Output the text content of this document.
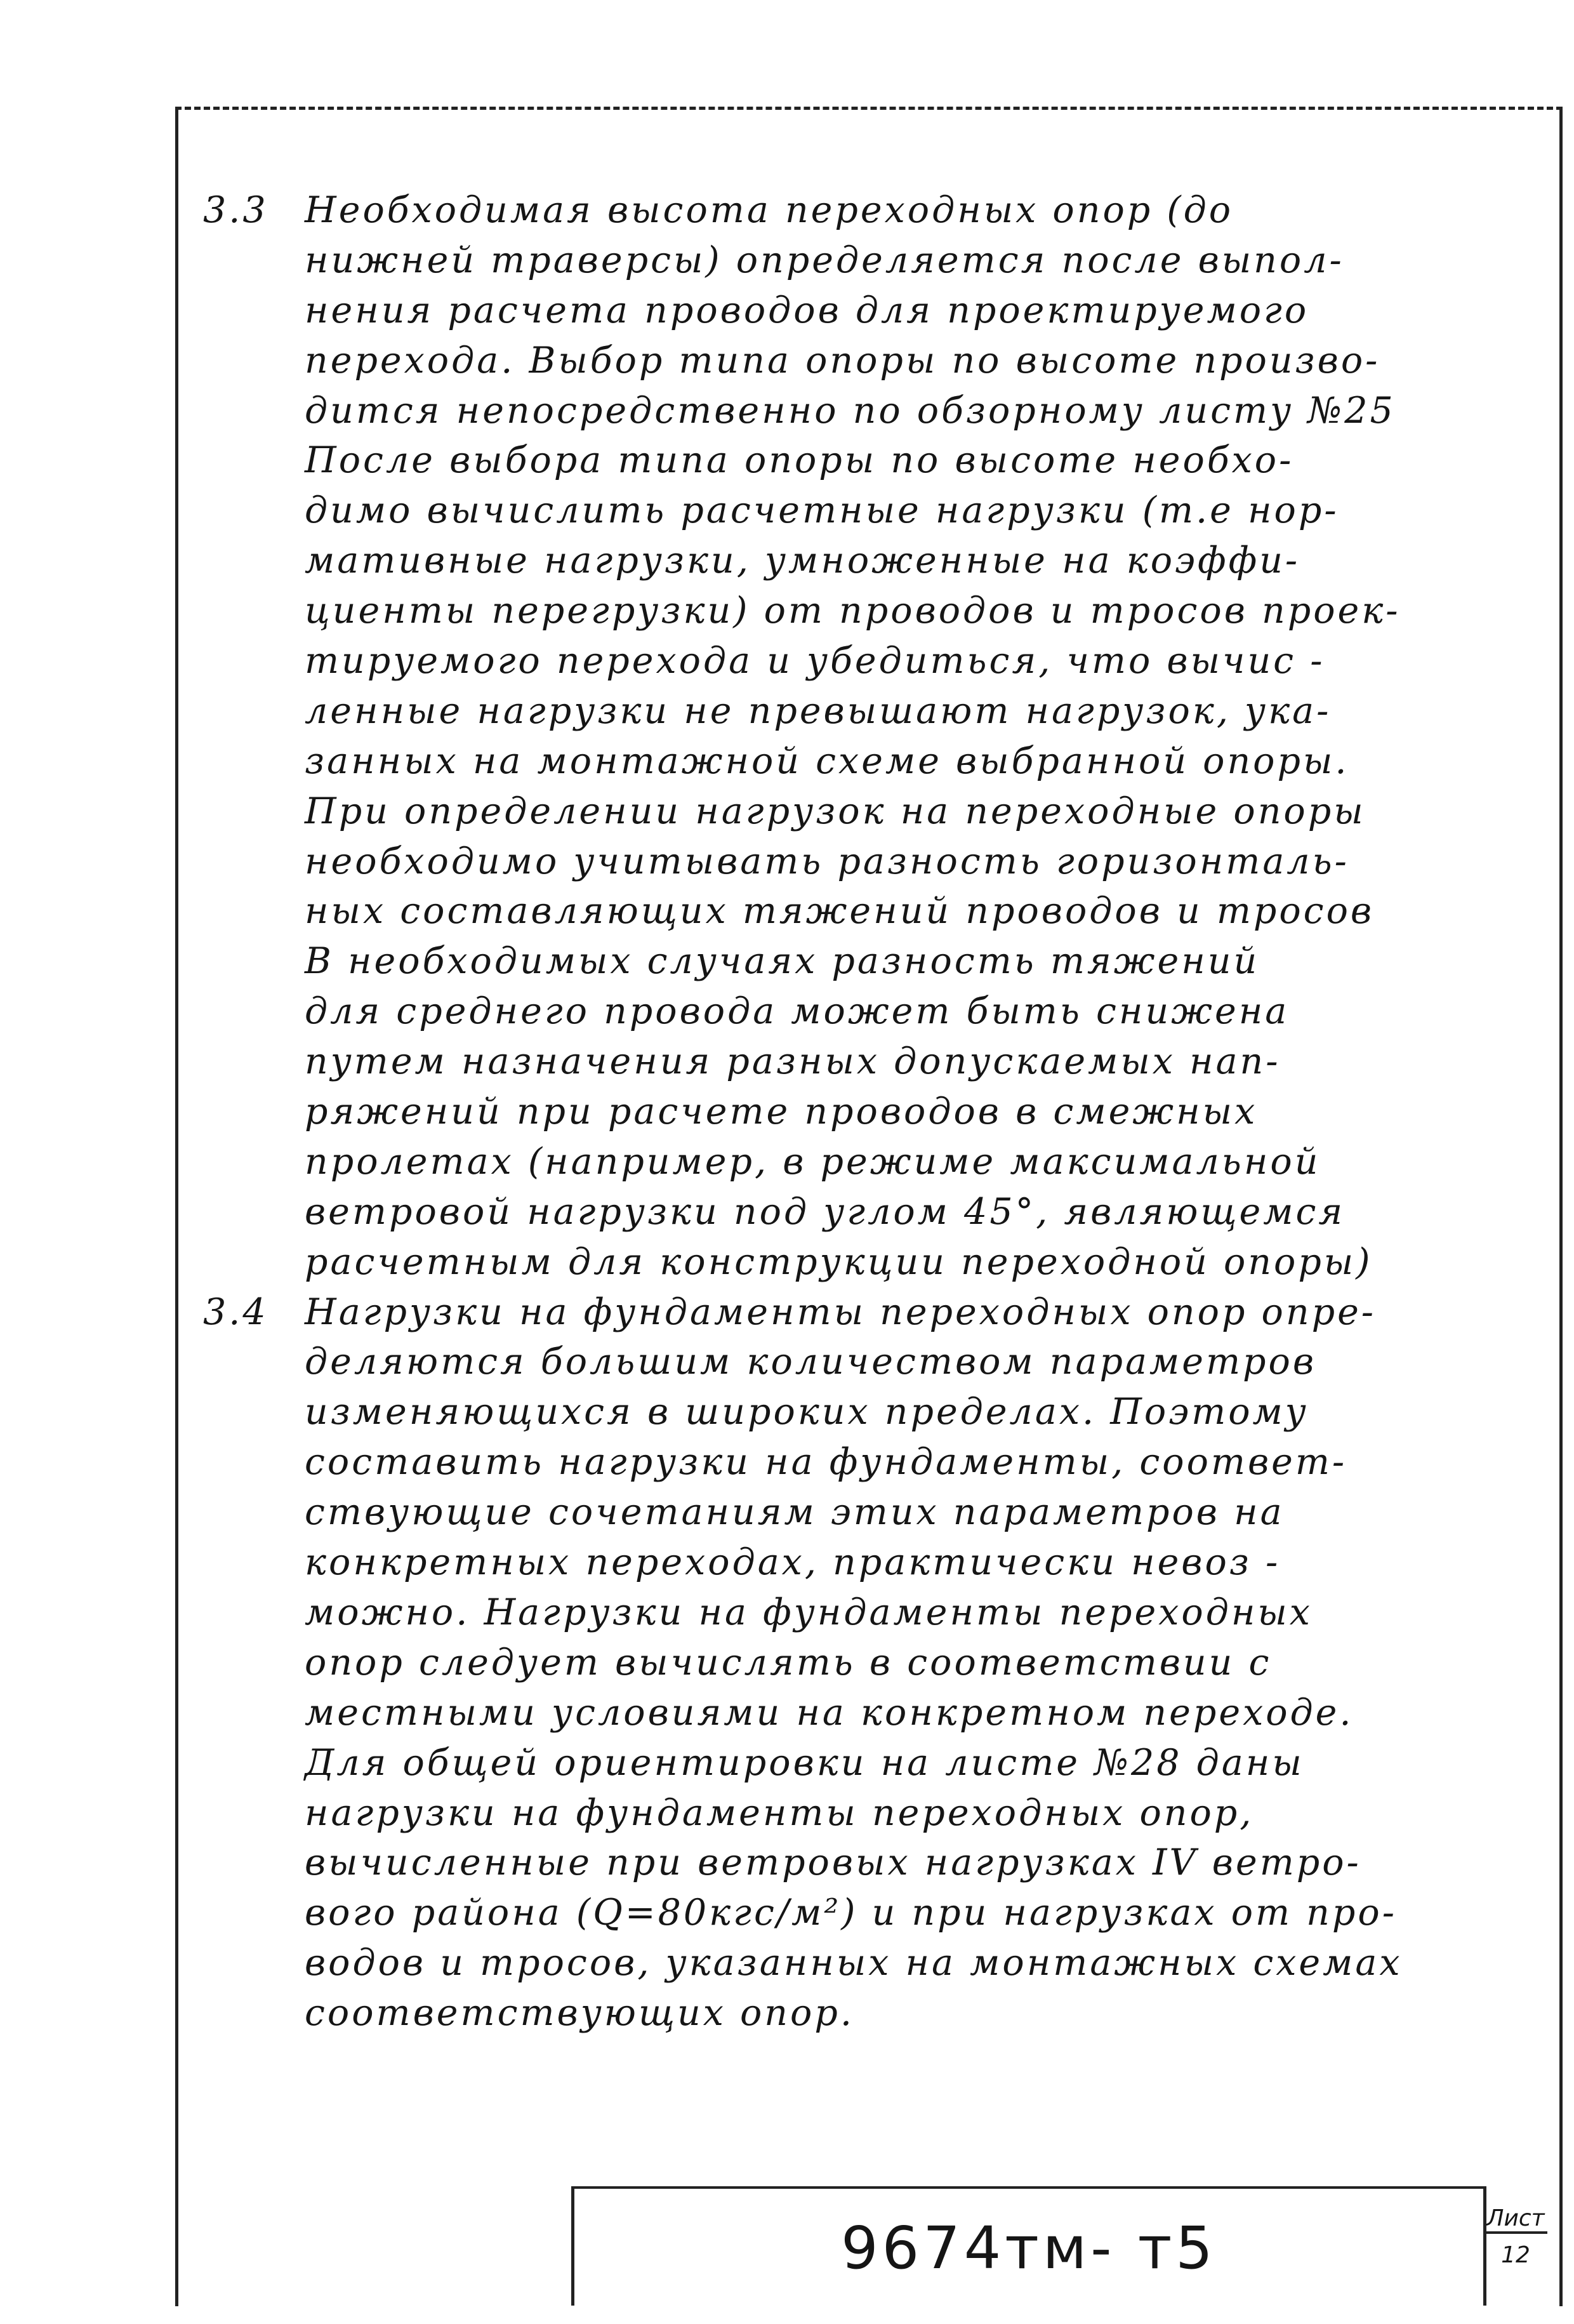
3.3	Необходимая высота переходных опор (до
нижней траверсы) определяется после выпол-
нения расчета проводов для проектируемого
перехода. Выбор типа опоры по высоте произво-
дится непосредственно по обзорному листу №25
После выбора типа опоры по высоте необхо-
димо вычислить расчетные нагрузки (т.е нор-
мативные нагрузки, умноженные на коэффи-
циенты перегрузки) от проводов и тросов проек-
тируемого перехода и убедиться, что вычис -
ленные нагрузки не превышают нагрузок, ука-
занных на монтажной схеме выбранной опоры.
При определении нагрузок на переходные опоры
необходимо учитывать разность горизонталь-
ных составляющих тяжений проводов и тросов
В необходимых случаях разность тяжений
для среднего провода может быть снижена
путем назначения разных допускаемых нап-
ряжений при расчете проводов в смежных
пролетах (например, в режиме максимальной
ветровой нагрузки под углом 45°, являющемся
расчетным для конструкции переходной опоры)
3.4	Нагрузки на фундаменты переходных опор опре-
деляются большим количеством параметров
изменяющихся в широких пределах. Поэтому
составить нагрузки на фундаменты, соответ-
ствующие сочетаниям этих параметров на
конкретных переходах, практически невоз -
можно. Нагрузки на фундаменты переходных
опор следует вычислять в соответствии с
местными условиями на конкретном переходе.
Для общей ориентировки на листе №28 даны
нагрузки на фундаменты переходных опор,
вычисленные при ветровых нагрузках IV ветро-
вого района (Q=80кгс/м²) и при нагрузках от про-
водов и тросов, указанных на монтажных схемах
соответствующих опор.
9674тм- т5	Лист
12
